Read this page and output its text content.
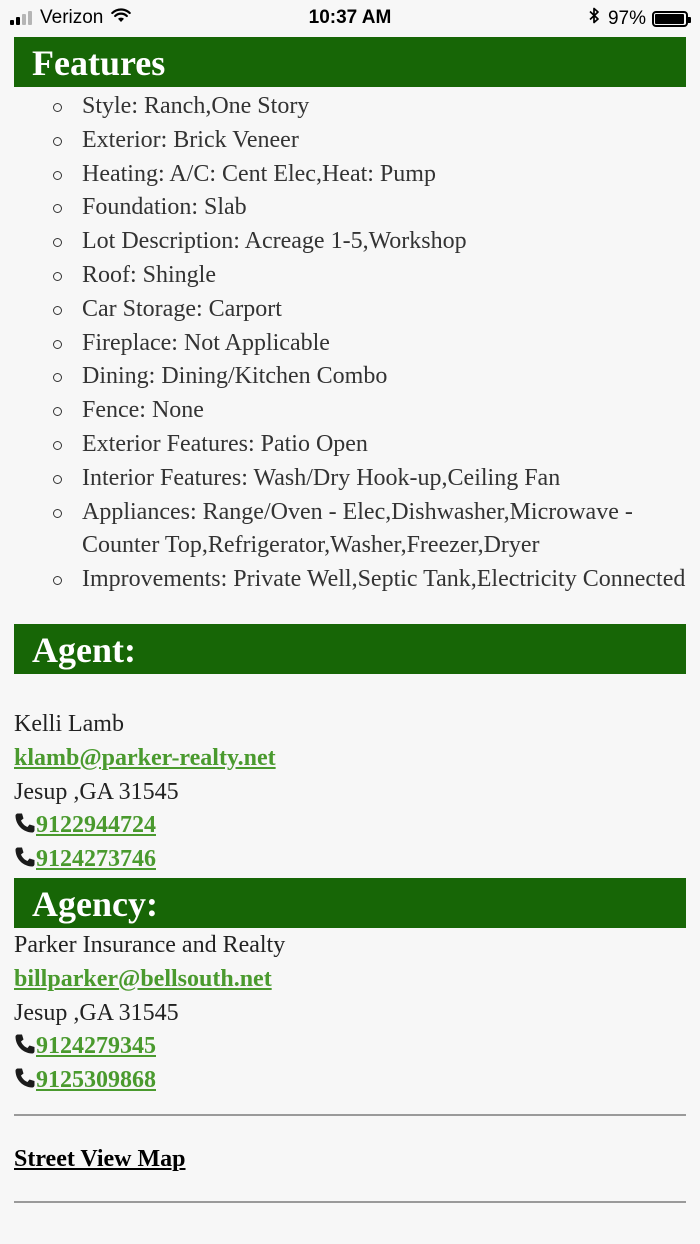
Verizon	10:37 AM	97%
Features
Style: Ranch,One Story
Exterior: Brick Veneer
Heating: A/C: Cent Elec,Heat: Pump
Foundation: Slab
Lot Description: Acreage 1-5,Workshop
Roof: Shingle
Car Storage: Carport
Fireplace: Not Applicable
Dining: Dining/Kitchen Combo
Fence: None
Exterior Features: Patio Open
Interior Features: Wash/Dry Hook-up,Ceiling Fan
Appliances: Range/Oven - Elec,Dishwasher,Microwave - Counter Top,Refrigerator,Washer,Freezer,Dryer
Improvements: Private Well,Septic Tank,Electricity Connected
Agent:
Kelli Lamb
klamb@parker-realty.net
Jesup ,GA 31545
9122944724
9124273746
Agency:
Parker Insurance and Realty
billparker@bellsouth.net
Jesup ,GA 31545
9124279345
9125309868
Street View Map
